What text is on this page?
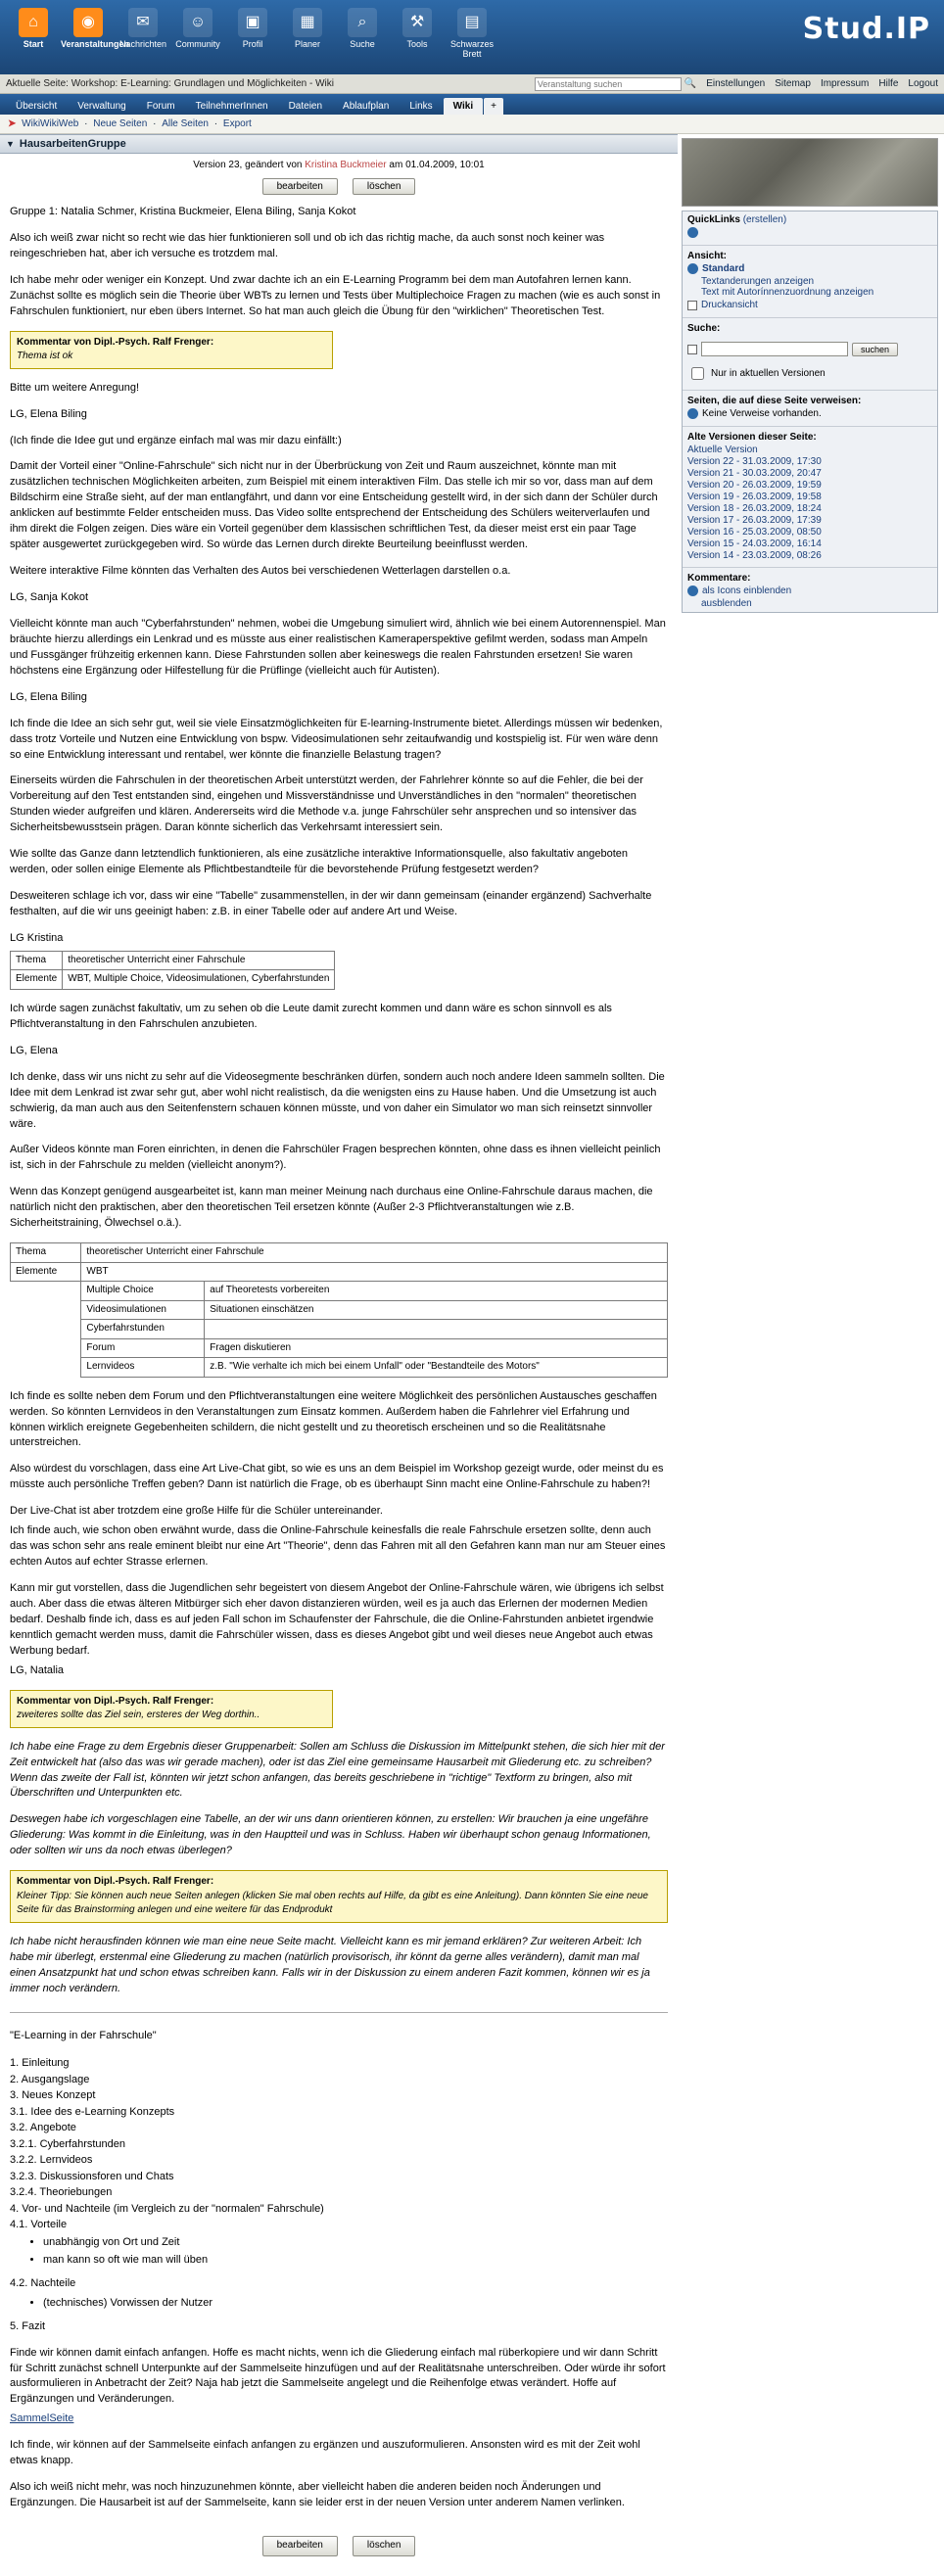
⌂
Start
◉
Veranstaltungen
✉
Nachrichten
☺
Community
▣
Profil
▦
Planer
⌕
Suche
⚒
Tools
▤
Schwarzes Brett
Stud.IP
Aktuelle Seite: Workshop: E-Learning: Grundlagen und Möglichkeiten - Wiki
Veranstaltung suchen	🔍 Einstellungen Sitemap Impressum Hilfe Logout
Übersicht	Verwaltung	Forum	TeilnehmerInnen	Dateien	Ablaufplan	Links	Wiki	+
➤ WikiWikiWeb · Neue Seiten · Alle Seiten · Export
▼ HausarbeitenGruppe
Version 23, geändert von Kristina Buckmeier am 01.04.2009, 10:01
bearbeiten	löschen

Gruppe 1: Natalia Schmer, Kristina Buckmeier, Elena Biling, Sanja Kokot

Also ich weiß zwar nicht so recht wie das hier funktionieren soll und ob ich das richtig mache, da auch sonst noch keiner was reingeschrieben hat, aber ich versuche es trotzdem mal.

Ich habe mehr oder weniger ein Konzept. Und zwar dachte ich an ein E-Learning Programm bei dem man Autofahren lernen kann. Zunächst sollte es möglich sein die Theorie über WBTs zu lernen und Tests über Multiplechoice Fragen zu machen (wie es auch sonst in Fahrschulen funktioniert, nur eben übers Internet. So hat man auch gleich die Übung für den "wirklichen" Theoretischen Test.

Kommentar von Dipl.-Psych. Ralf Frenger:
Thema ist ok

Bitte um weitere Anregung!

LG, Elena Biling

(Ich finde die Idee gut und ergänze einfach mal was mir dazu einfällt:)

Damit der Vorteil einer "Online-Fahrschule" sich nicht nur in der Überbrückung von Zeit und Raum auszeichnet, könnte man mit zusätzlichen technischen Möglichkeiten arbeiten, zum Beispiel mit einem interaktiven Film. Das stelle ich mir so vor, dass man auf dem Bildschirm eine Straße sieht, auf der man entlangfährt, und dann vor eine Entscheidung gestellt wird, in der sich dann der Schüler durch anklicken auf bestimmte Felder entscheiden muss. Das Video sollte entsprechend der Entscheidung des Schülers weiterverlaufen und ihm direkt die Folgen zeigen. Dies wäre ein Vorteil gegenüber dem klassischen schriftlichen Test, da dieser meist erst ein paar Tage später ausgewertet zurückgegeben wird. So würde das Lernen durch direkte Beurteilung beeinflusst werden.

Weitere interaktive Filme könnten das Verhalten des Autos bei verschiedenen Wetterlagen darstellen o.a.

LG, Sanja Kokot

Vielleicht könnte man auch "Cyberfahrstunden" nehmen, wobei die Umgebung simuliert wird, ähnlich wie bei einem Autorennenspiel. Man bräuchte hierzu allerdings ein Lenkrad und es müsste aus einer realistischen Kameraperspektive gefilmt werden, sodass man Ampeln und Fussgänger frühzeitig erkennen kann. Diese Fahrstunden sollen aber keineswegs die realen Fahrstunden ersetzen! Sie waren höchstens eine Ergänzung oder Hilfestellung für die Prüflinge (vielleicht auch für Autisten).

LG, Elena Biling

Ich finde die Idee an sich sehr gut, weil sie viele Einsatzmöglichkeiten für E-learning-Instrumente bietet. Allerdings müssen wir bedenken, dass trotz Vorteile und Nutzen eine Entwicklung von bspw. Videosimulationen sehr zeitaufwandig und kostspielig ist. Für wen wäre denn so eine Entwicklung interessant und rentabel, wer könnte die finanzielle Belastung tragen?

Einerseits würden die Fahrschulen in der theoretischen Arbeit unterstützt werden, der Fahrlehrer könnte so auf die Fehler, die bei der Vorbereitung auf den Test entstanden sind, eingehen und Missverständnisse und Unverständliches in den "normalen" theoretischen Stunden wieder aufgreifen und klären. Andererseits wird die Methode v.a. junge Fahrschüler sehr ansprechen und so intensiver das Sicherheitsbewusstsein prägen. Daran könnte sicherlich das Verkehrsamt interessiert sein.

Wie sollte das Ganze dann letztendlich funktionieren, als eine zusätzliche interaktive Informationsquelle, also fakultativ angeboten werden, oder sollen einige Elemente als Pflichtbestandteile für die bevorstehende Prüfung festgesetzt werden?

Desweiteren schlage ich vor, dass wir eine "Tabelle" zusammenstellen, in der wir dann gemeinsam (einander ergänzend) Sachverhalte festhalten, auf die wir uns geeinigt haben: z.B. in einer Tabelle oder auf andere Art und Weise.

LG Kristina

Thema	theoretischer Unterricht einer Fahrschule
Elemente	WBT, Multiple Choice, Videosimulationen, Cyberfahrstunden

Ich würde sagen zunächst fakultativ, um zu sehen ob die Leute damit zurecht kommen und dann wäre es schon sinnvoll es als Pflichtveranstaltung in den Fahrschulen anzubieten.

LG, Elena

Ich denke, dass wir uns nicht zu sehr auf die Videosegmente beschränken dürfen, sondern auch noch andere Ideen sammeln sollten. Die Idee mit dem Lenkrad ist zwar sehr gut, aber wohl nicht realistisch, da die wenigsten eins zu Hause haben. Und die Umsetzung ist auch schwierig, da man auch aus den Seitenfenstern schauen können müsste, und von daher ein Simulator wo man sich reinsetzt sinnvoller wäre.

Außer Videos könnte man Foren einrichten, in denen die Fahrschüler Fragen besprechen könnten, ohne dass es ihnen vielleicht peinlich ist, sich in der Fahrschule zu melden (vielleicht anonym?).

Wenn das Konzept genügend ausgearbeitet ist, kann man meiner Meinung nach durchaus eine Online-Fahrschule daraus machen, die natürlich nicht den praktischen, aber den theoretischen Teil ersetzen könnte (Außer 2-3 Pflichtveranstaltungen wie z.B. Sicherheitstraining, Ölwechsel o.ä.).

Thema	theoretischer Unterricht einer Fahrschule	
Elemente	WBT	
	Multiple Choice	auf Theoretests vorbereiten
	Videosimulationen	Situationen einschätzen
	Cyberfahrstunden	
	Forum	Fragen diskutieren
	Lernvideos	z.B. "Wie verhalte ich mich bei einem Unfall" oder "Bestandteile des Motors"

Ich finde es sollte neben dem Forum und den Pflichtveranstaltungen eine weitere Möglichkeit des persönlichen Austausches geschaffen werden. So könnten Lernvideos in den Veranstaltungen zum Einsatz kommen. Außerdem haben die Fahrlehrer viel Erfahrung und können wirklich ereignete Gegebenheiten schildern, die nicht gestellt und zu theoretisch erscheinen und so die Realitätsnahe unterstreichen.

Also würdest du vorschlagen, dass eine Art Live-Chat gibt, so wie es uns an dem Beispiel im Workshop gezeigt wurde, oder meinst du es müsste auch persönliche Treffen geben? Dann ist natürlich die Frage, ob es überhaupt Sinn macht eine Online-Fahrschule zu haben?!

Der Live-Chat ist aber trotzdem eine große Hilfe für die Schüler untereinander.

Ich finde auch, wie schon oben erwähnt wurde, dass die Online-Fahrschule keinesfalls die reale Fahrschule ersetzen sollte, denn auch das was schon sehr ans reale eminent bleibt nur eine Art "Theorie", denn das Fahren mit all den Gefahren kann man nur am Steuer eines echten Autos auf echter Strasse erlernen.

Kann mir gut vorstellen, dass die Jugendlichen sehr begeistert von diesem Angebot der Online-Fahrschule wären, wie übrigens ich selbst auch. Aber dass die etwas älteren Mitbürger sich eher davon distanzieren würden, weil es ja auch das Erlernen der modernen Medien bedarf. Deshalb finde ich, dass es auf jeden Fall schon im Schaufenster der Fahrschule, die die Online-Fahrstunden anbietet irgendwie kenntlich gemacht werden muss, damit die Fahrschüler wissen, dass es dieses Angebot gibt und weil dieses neue Angebot auch etwas Werbung bedarf.

LG, Natalia

Kommentar von Dipl.-Psych. Ralf Frenger:
zweiteres sollte das Ziel sein, ersteres der Weg dorthin..

Ich habe eine Frage zu dem Ergebnis dieser Gruppenarbeit: Sollen am Schluss die Diskussion im Mittelpunkt stehen, die sich hier mit der Zeit entwickelt hat (also das was wir gerade machen), oder ist das Ziel eine gemeinsame Hausarbeit mit Gliederung etc. zu schreiben? Wenn das zweite der Fall ist, könnten wir jetzt schon anfangen, das bereits geschriebene in "richtige" Textform zu bringen, also mit Überschriften und Unterpunkten etc.

Deswegen habe ich vorgeschlagen eine Tabelle, an der wir uns dann orientieren können, zu erstellen: Wir brauchen ja eine ungefähre Gliederung: Was kommt in die Einleitung, was in den Hauptteil und was in Schluss. Haben wir überhaupt schon genaug Informationen, oder sollten wir uns da noch etwas überlegen?

Kommentar von Dipl.-Psych. Ralf Frenger:
Kleiner Tipp: Sie können auch neue Seiten anlegen (klicken Sie mal oben rechts auf Hilfe, da gibt es eine Anleitung). Dann könnten Sie eine neue Seite für das Brainstorming anlegen und eine weitere für das Endprodukt

Ich habe nicht herausfinden können wie man eine neue Seite macht. Vielleicht kann es mir jemand erklären? Zur weiteren Arbeit: Ich habe mir überlegt, erstenmal eine Gliederung zu machen (natürlich provisorisch, ihr könnt da gerne alles verändern), damit man mal einen Ansatzpunkt hat und schon etwas schreiben kann. Falls wir in der Diskussion zu einem anderen Fazit kommen, können wir es ja immer noch verändern.

"E-Learning in der Fahrschule"

1. Einleitung
2. Ausgangslage
3. Neues Konzept
3.1. Idee des e-Learning Konzepts
3.2. Angebote
3.2.1. Cyberfahrstunden
3.2.2. Lernvideos
3.2.3. Diskussionsforen und Chats
3.2.4. Theoriebungen
4. Vor- und Nachteile (im Vergleich zu der "normalen" Fahrschule)
4.1. Vorteile
• unabhängig von Ort und Zeit
• man kann so oft wie man will üben

4.2. Nachteile

• (technisches) Vorwissen der Nutzer

5. Fazit

Finde wir können damit einfach anfangen. Hoffe es macht nichts, wenn ich die Gliederung einfach mal rüberkopiere und wir dann Schritt für Schritt zunächst schnell Unterpunkte auf der Sammelseite hinzufügen und auf der Realitätsnahe unterschreiben. Oder würde ihr sofort ausformulieren in Anbetracht der Zeit? Naja hab jetzt die Sammelseite angelegt und die Reihenfolge etwas verändert. Hoffe auf Ergänzungen und Veränderungen.

SammelSeite

Ich finde, wir können auf der Sammelseite einfach anfangen zu ergänzen und auszuformulieren. Ansonsten wird es mit der Zeit wohl etwas knapp.

Also ich weiß nicht mehr, was noch hinzuzunehmen könnte, aber vielleicht haben die anderen beiden noch Änderungen und Ergänzungen. Die Hausarbeit ist auf der Sammelseite, kann sie leider erst in der neuen Version unter anderem Namen verlinken.

bearbeiten	löschen
QuickLinks (erstellen)
Ansicht:
Standard
Textanderungen anzeigen
Text mit Autorínnenzuordnung anzeigen
Druckansicht
Suche:
suchen
Nur in aktuellen Versionen
Seiten, die auf diese Seite verweisen:
Keine Verweise vorhanden.
Alte Versionen dieser Seite:
Aktuelle Version
Version 22 - 31.03.2009, 17:30
Version 21 - 30.03.2009, 20:47
Version 20 - 26.03.2009, 19:59
Version 19 - 26.03.2009, 19:58
Version 18 - 26.03.2009, 18:24
Version 17 - 26.03.2009, 17:39
Version 16 - 25.03.2009, 08:50
Version 15 - 24.03.2009, 16:14
Version 14 - 23.03.2009, 08:26
Kommentare:
als Icons einblenden
ausblenden
